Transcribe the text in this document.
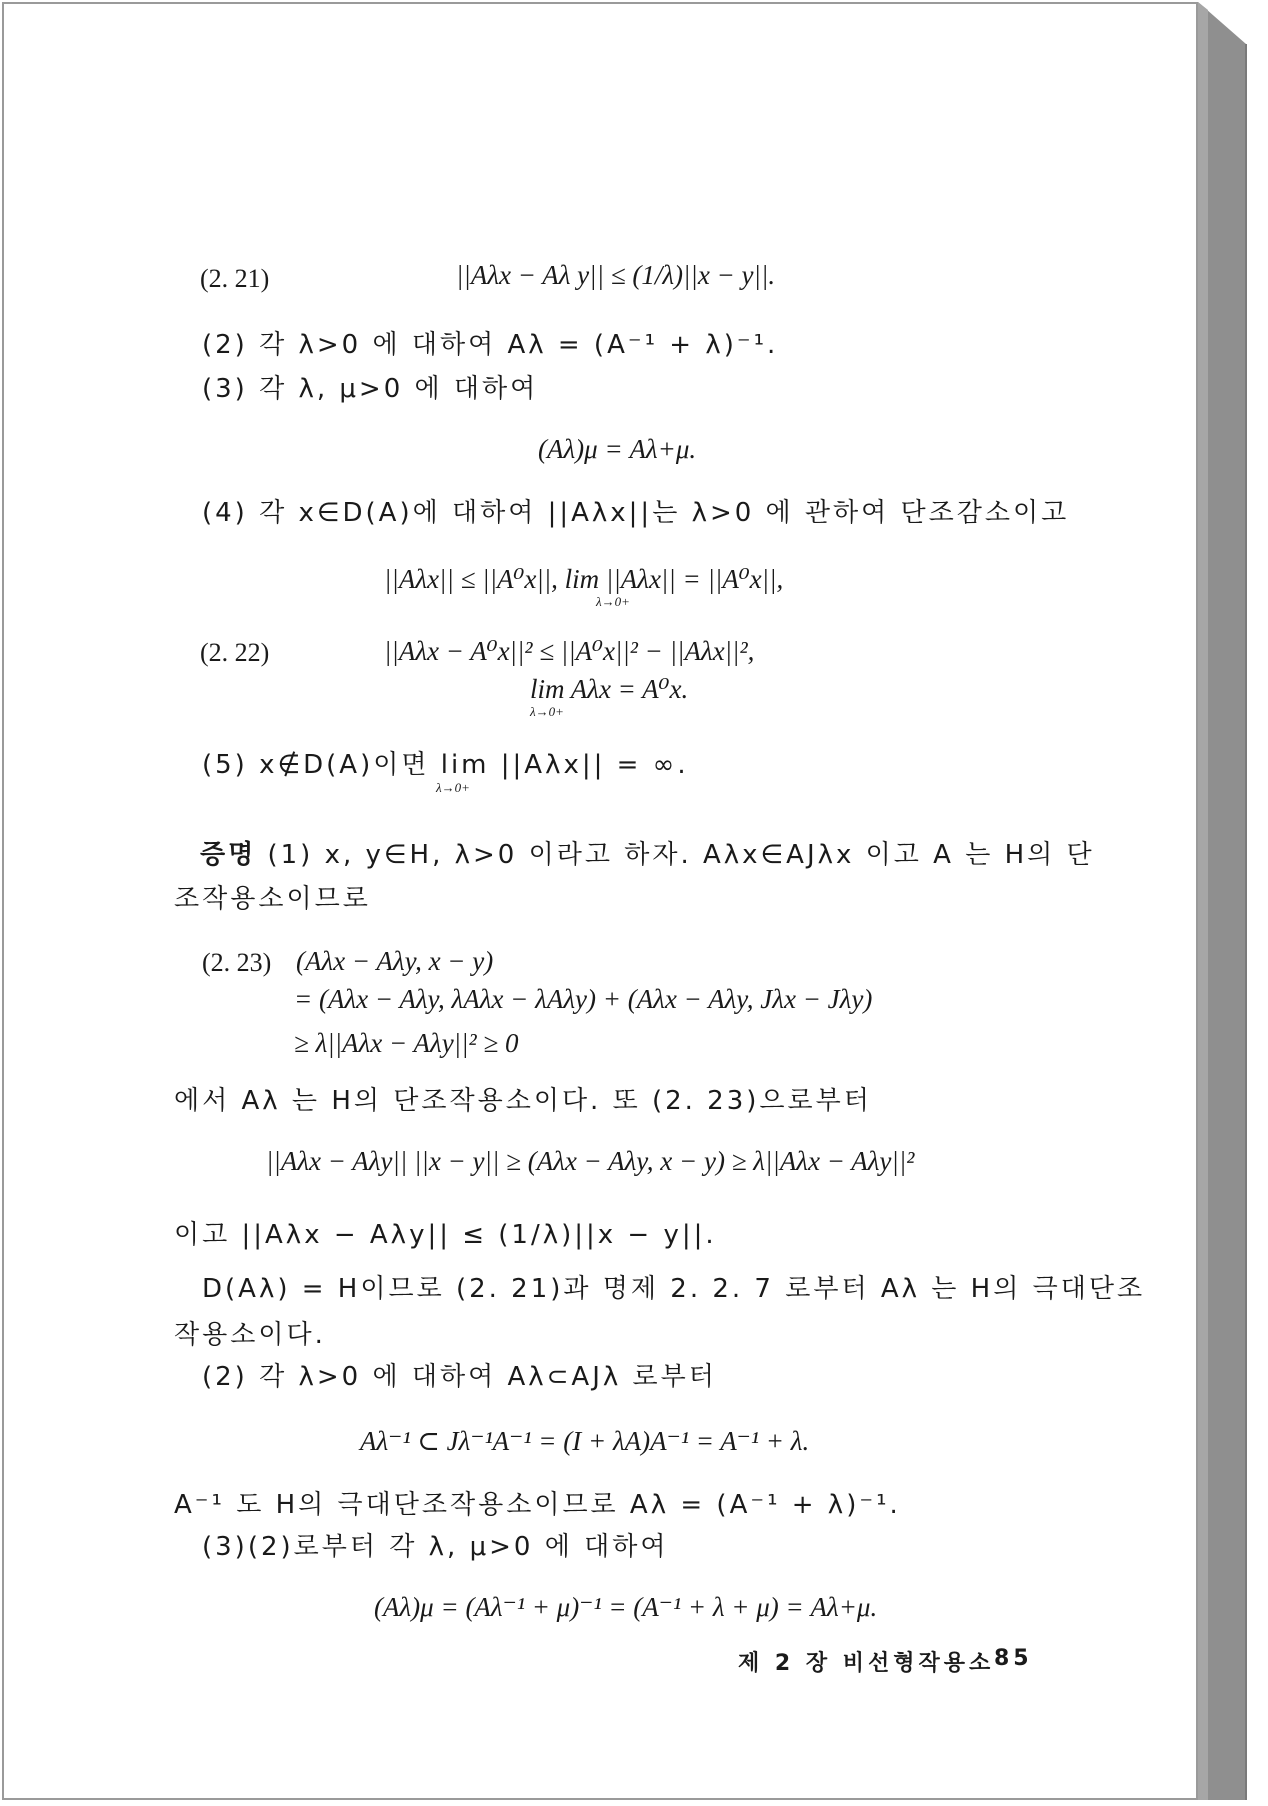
(2. 21)	||Aλx − Aλ y|| ≤ (1/λ)||x − y||.
(2) 각 λ>0 에 대하여 Aλ = (A⁻¹ + λ)⁻¹.
(3) 각 λ, μ>0 에 대하여
(Aλ)μ = Aλ+μ.
(4) 각 x∈D(A)에 대하여 ||Aλx||는 λ>0 에 관하여 단조감소이고
||Aλx|| ≤ ||A⁰x||, lim ||Aλx|| = ||A⁰x||,
λ→0+
(2. 22)	||Aλx − A⁰x||² ≤ ||A⁰x||² − ||Aλx||²,
lim Aλx = A⁰x.
λ→0+
(5) x∉D(A)이면 lim ||Aλx|| = ∞.
λ→0+
증명 (1) x, y∈H, λ>0 이라고 하자. Aλx∈AJλx 이고 A 는 H의 단
조작용소이므로
(2. 23) (Aλx − Aλy, x − y)
= (Aλx − Aλy, λAλx − λAλy) + (Aλx − Aλy, Jλx − Jλy)
≥ λ||Aλx − Aλy||² ≥ 0
에서 Aλ 는 H의 단조작용소이다. 또 (2. 23)으로부터
||Aλx − Aλy|| ||x − y|| ≥ (Aλx − Aλy, x − y) ≥ λ||Aλx − Aλy||²
이고 ||Aλx − Aλy|| ≤ (1/λ)||x − y||.
D(Aλ) = H이므로 (2. 21)과 명제 2. 2. 7 로부터 Aλ 는 H의 극대단조
작용소이다.
(2) 각 λ>0 에 대하여 Aλ⊂AJλ 로부터
Aλ⁻¹ ⊂ Jλ⁻¹A⁻¹ = (I + λA)A⁻¹ = A⁻¹ + λ.
A⁻¹ 도 H의 극대단조작용소이므로 Aλ = (A⁻¹ + λ)⁻¹.
(3)(2)로부터 각 λ, μ>0 에 대하여
(Aλ)μ = (Aλ⁻¹ + μ)⁻¹ = (A⁻¹ + λ + μ) = Aλ+μ.
제 2 장 비선형작용소 85
